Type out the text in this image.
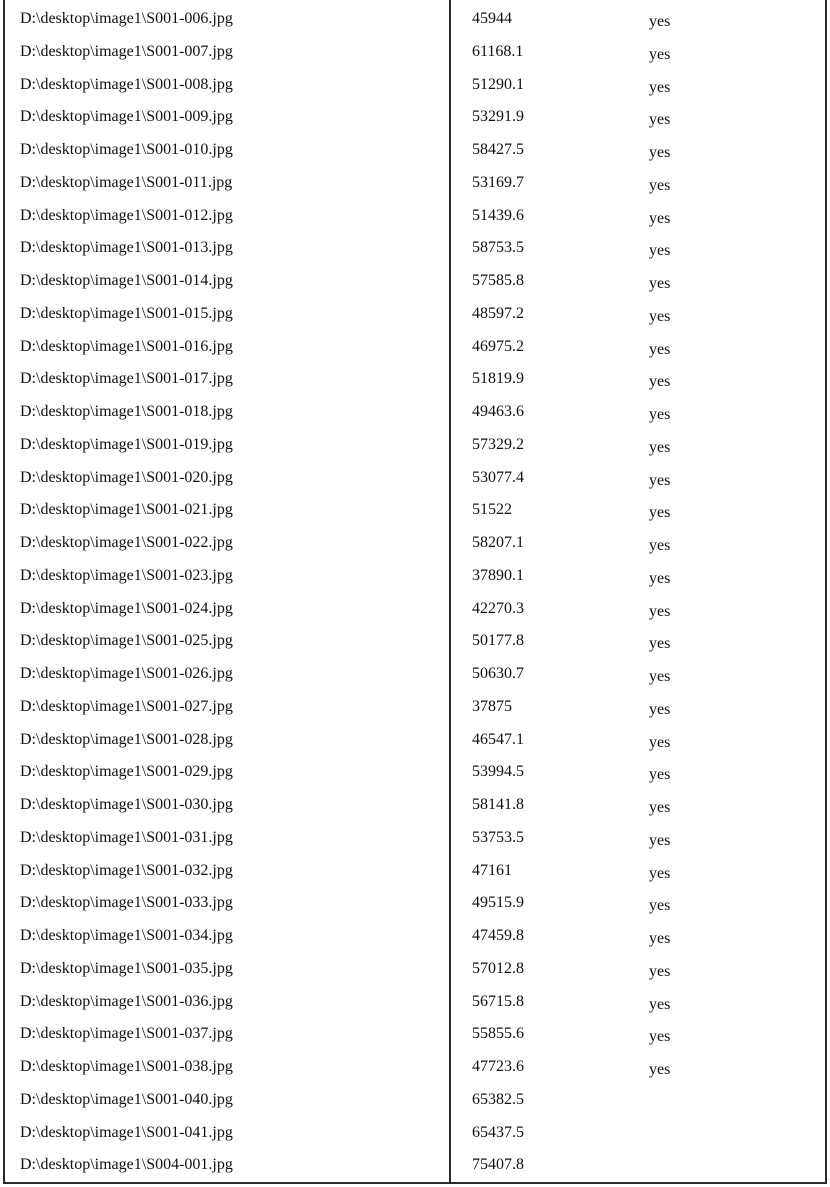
D:\desktop\image1\S001-006.jpg	45944	yes
D:\desktop\image1\S001-007.jpg	61168.1	yes
D:\desktop\image1\S001-008.jpg	51290.1	yes
D:\desktop\image1\S001-009.jpg	53291.9	yes
D:\desktop\image1\S001-010.jpg	58427.5	yes
D:\desktop\image1\S001-011.jpg	53169.7	yes
D:\desktop\image1\S001-012.jpg	51439.6	yes
D:\desktop\image1\S001-013.jpg	58753.5	yes
D:\desktop\image1\S001-014.jpg	57585.8	yes
D:\desktop\image1\S001-015.jpg	48597.2	yes
D:\desktop\image1\S001-016.jpg	46975.2	yes
D:\desktop\image1\S001-017.jpg	51819.9	yes
D:\desktop\image1\S001-018.jpg	49463.6	yes
D:\desktop\image1\S001-019.jpg	57329.2	yes
D:\desktop\image1\S001-020.jpg	53077.4	yes
D:\desktop\image1\S001-021.jpg	51522	yes
D:\desktop\image1\S001-022.jpg	58207.1	yes
D:\desktop\image1\S001-023.jpg	37890.1	yes
D:\desktop\image1\S001-024.jpg	42270.3	yes
D:\desktop\image1\S001-025.jpg	50177.8	yes
D:\desktop\image1\S001-026.jpg	50630.7	yes
D:\desktop\image1\S001-027.jpg	37875	yes
D:\desktop\image1\S001-028.jpg	46547.1	yes
D:\desktop\image1\S001-029.jpg	53994.5	yes
D:\desktop\image1\S001-030.jpg	58141.8	yes
D:\desktop\image1\S001-031.jpg	53753.5	yes
D:\desktop\image1\S001-032.jpg	47161	yes
D:\desktop\image1\S001-033.jpg	49515.9	yes
D:\desktop\image1\S001-034.jpg	47459.8	yes
D:\desktop\image1\S001-035.jpg	57012.8	yes
D:\desktop\image1\S001-036.jpg	56715.8	yes
D:\desktop\image1\S001-037.jpg	55855.6	yes
D:\desktop\image1\S001-038.jpg	47723.6	yes
D:\desktop\image1\S001-040.jpg	65382.5
D:\desktop\image1\S001-041.jpg	65437.5
D:\desktop\image1\S004-001.jpg	75407.8
